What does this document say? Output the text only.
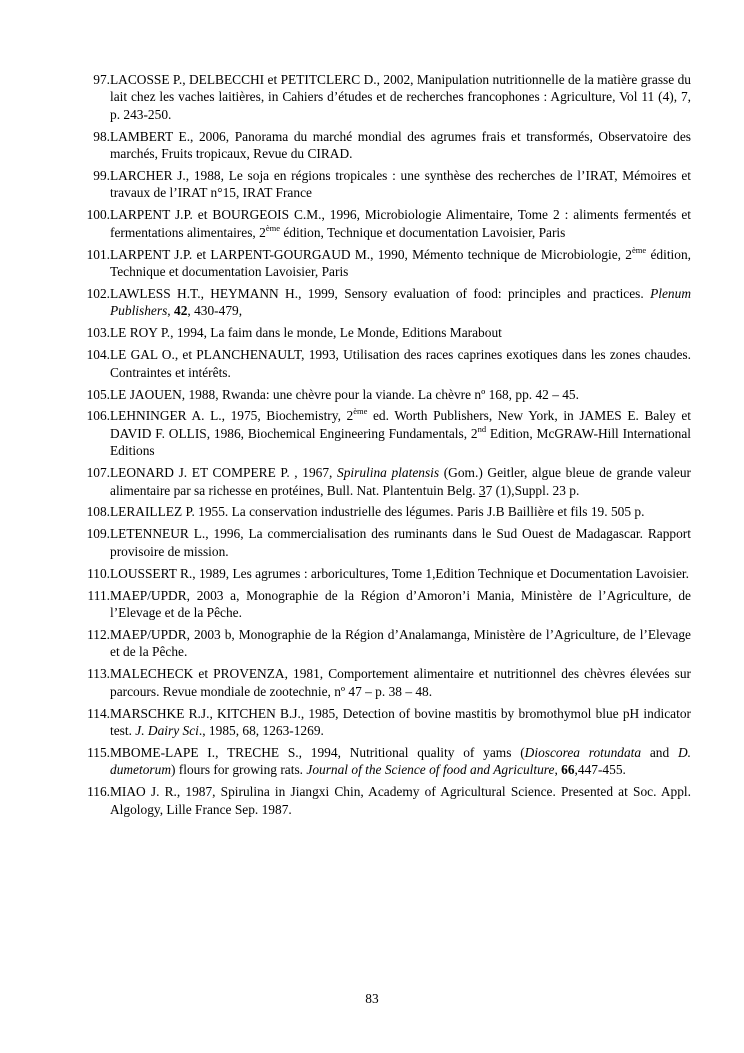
97. LACOSSE P., DELBECCHI et PETITCLERC D., 2002, Manipulation nutritionnelle de la matière grasse du lait chez les vaches laitières, in Cahiers d’études et de recherches francophones : Agriculture, Vol 11 (4), 7, p. 243-250.
98. LAMBERT E., 2006, Panorama du marché mondial des agrumes frais et transformés, Observatoire des marchés, Fruits tropicaux, Revue du CIRAD.
99. LARCHER J., 1988, Le soja en régions tropicales : une synthèse des recherches de l’IRAT, Mémoires et travaux de l’IRAT n°15, IRAT France
100. LARPENT J.P. et BOURGEOIS C.M., 1996, Microbiologie Alimentaire, Tome 2 : aliments fermentés et fermentations alimentaires, 2ème édition, Technique et documentation Lavoisier, Paris
101. LARPENT J.P. et LARPENT-GOURGAUD M., 1990, Mémento technique de Microbiologie, 2ème édition, Technique et documentation Lavoisier, Paris
102. LAWLESS H.T., HEYMANN H., 1999, Sensory evaluation of food: principles and practices. Plenum Publishers, 42, 430-479,
103. LE ROY P., 1994, La faim dans le monde, Le Monde, Editions Marabout
104. LE GAL O., et PLANCHENAULT, 1993, Utilisation des races caprines exotiques dans les zones chaudes. Contraintes et intérêts.
105. LE JAOUEN, 1988, Rwanda: une chèvre pour la viande. La chèvre nº 168, pp. 42 – 45.
106. LEHNINGER A. L., 1975, Biochemistry, 2ème ed. Worth Publishers, New York, in JAMES E. Baley et DAVID F. OLLIS, 1986, Biochemical Engineering Fundamentals, 2nd Edition, McGRAW-Hill International Editions
107. LEONARD J. ET COMPERE P. , 1967, Spirulina platensis (Gom.) Geitler, algue bleue de grande valeur alimentaire par sa richesse en protéines, Bull. Nat. Plantentuin Belg. 37 (1),Suppl. 23 p.
108. LERAILLEZ P. 1955. La conservation industrielle des légumes. Paris J.B Baillière et fils 19. 505 p.
109. LETENNEUR L., 1996, La commercialisation des ruminants dans le Sud Ouest de Madagascar. Rapport provisoire de mission.
110. LOUSSERT R., 1989, Les agrumes : arboricultures, Tome 1,Edition Technique et Documentation Lavoisier.
111. MAEP/UPDR, 2003 a, Monographie de la Région d’Amoron’i Mania, Ministère de l’Agriculture, de l’Elevage et de la Pêche.
112. MAEP/UPDR, 2003 b, Monographie de la Région d’Analamanga, Ministère de l’Agriculture, de l’Elevage et de la Pêche.
113. MALECHECK et PROVENZA, 1981, Comportement alimentaire et nutritionnel des chèvres élevées sur parcours. Revue mondiale de zootechnie, nº 47 – p. 38 – 48.
114. MARSCHKE R.J., KITCHEN B.J., 1985, Detection of bovine mastitis by bromothymol blue pH indicator test. J. Dairy Sci., 1985, 68, 1263-1269.
115. MBOME-LAPE I., TRECHE S., 1994, Nutritional quality of yams (Dioscorea rotundata and D. dumetorum) flours for growing rats. Journal of the Science of food and Agriculture, 66,447-455.
116. MIAO J. R., 1987, Spirulina in Jiangxi Chin, Academy of Agricultural Science. Presented at Soc. Appl. Algology, Lille France Sep. 1987.
83
